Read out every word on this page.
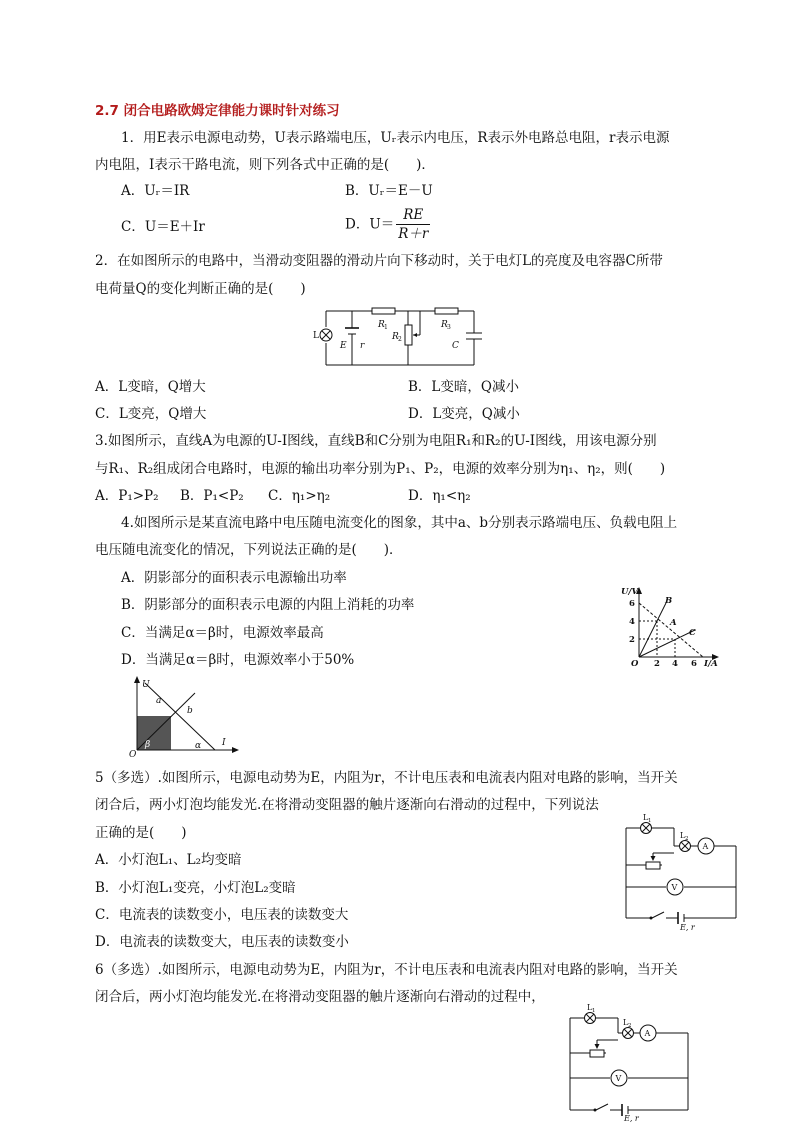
2.7 闭合电路欧姆定律能力课时针对练习
1．用E表示电源电动势，U表示路端电压，Uᵣ表示内电压，R表示外电路总电阻，r表示电源
内电阻，I表示干路电流，则下列各式中正确的是(　　)．
A．Uᵣ＝IR	B．Uᵣ＝E－U
C．U＝E＋Ir	D．$U= \frac{RE}{R+r}$
2．在如图所示的电路中，当滑动变阻器的滑动片向下移动时，关于电灯L的亮度及电容器C所带
电荷量Q的变化判断正确的是(　　)
L
E r
R 1
R 2
R 3
C
A．L变暗，Q增大	B．L变暗，Q减小
C．L变亮，Q增大	D．L变亮，Q减小
3.如图所示，直线A为电源的U-I图线，直线B和C分别为电阻R₁和R₂的U-I图线，用该电源分别
与R₁、R₂组成闭合电路时，电源的输出功率分别为P₁、P₂，电源的效率分别为η₁、η₂，则(　　)
A．P₁>P₂ B．P₁<P₂ C．η₁>η₂	D．η₁<η₂
4.如图所示是某直流电路中电压随电流变化的图象，其中a、b分别表示路端电压、负载电阻上
电压随电流变化的情况，下列说法正确的是(　　)．
A．阴影部分的面积表示电源输出功率
B．阴影部分的面积表示电源的内阻上消耗的功率
C．当满足α＝β时，电源效率最高
D．当满足α＝β时，电源效率小于50%
U/V
6
4
2
O 2 4 6 I/A
B
A
C
U
I
O
a
b
α
β
5（多选）.如图所示，电源电动势为E，内阻为r，不计电压表和电流表内阻对电路的影响，当开关
闭合后，两小灯泡均能发光.在将滑动变阻器的触片逐渐向右滑动的过程中，下列说法
正确的是(　　)
A．小灯泡L₁、L₂均变暗
B．小灯泡L₁变亮，小灯泡L₂变暗
C．电流表的读数变小，电压表的读数变大
D．电流表的读数变大，电压表的读数变小
L 1
L 2
A
V
E, r
6（多选）.如图所示，电源电动势为E，内阻为r，不计电压表和电流表内阻对电路的影响，当开关
闭合后，两小灯泡均能发光.在将滑动变阻器的触片逐渐向右滑动的过程中，
L 1
L 2
A
V
E, r
